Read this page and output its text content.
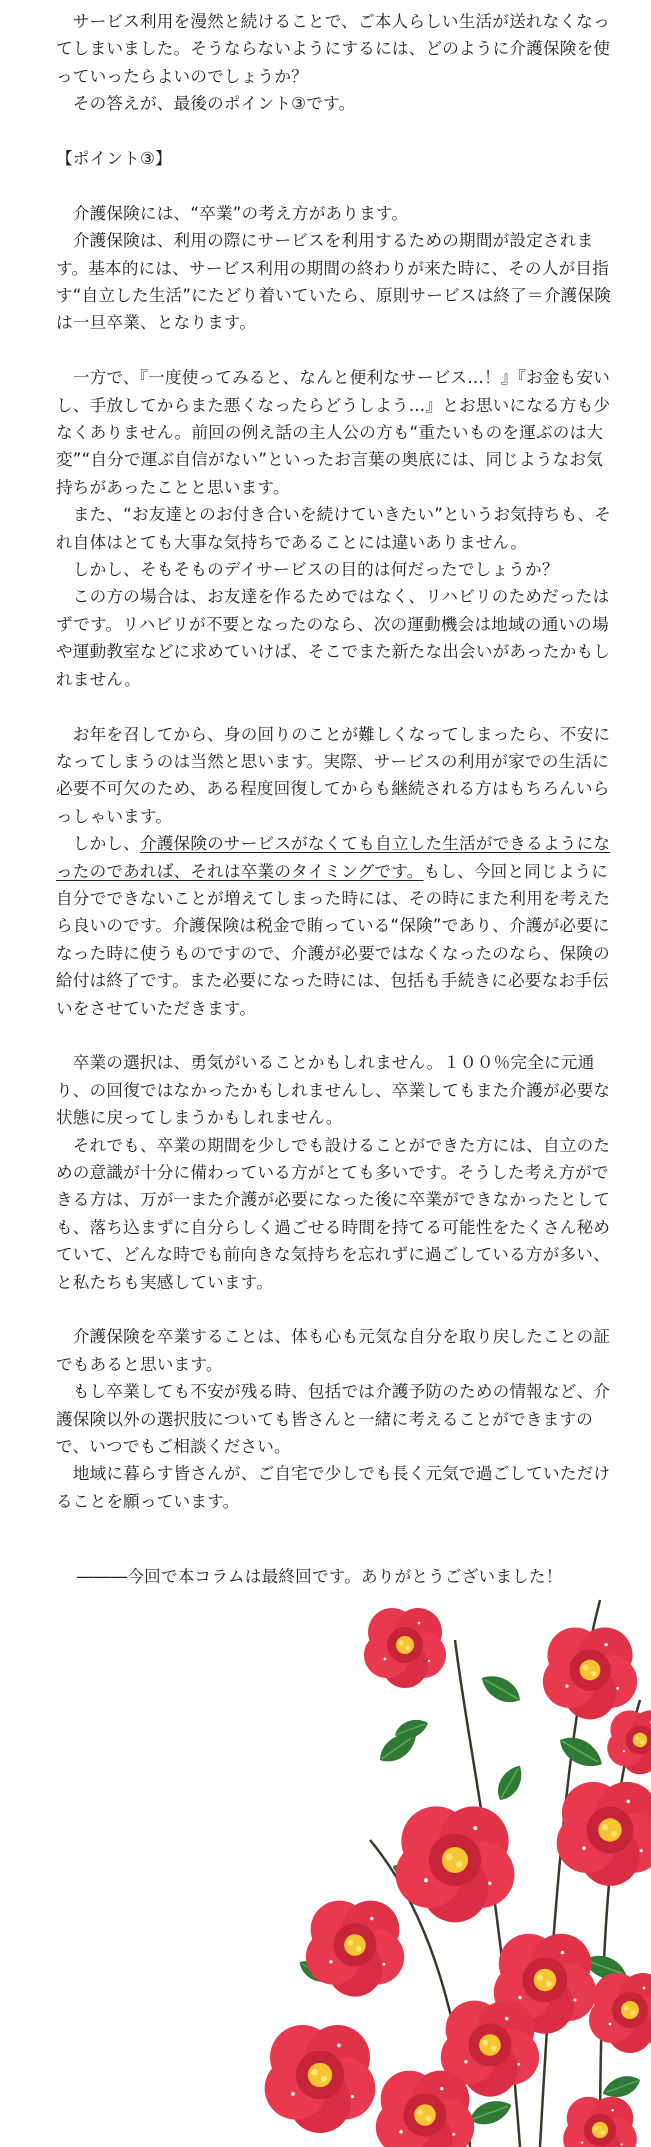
　サービス利用を漫然と続けることで、ご本人らしい生活が送れなくなってしまいました。そうならないようにするには、どのように介護保険を使っていったらよいのでしょうか？

　その答えが、最後のポイント③です。

【ポイント③】

　介護保険には、“卒業”の考え方があります。

　介護保険は、利用の際にサービスを利用するための期間が設定されます。基本的には、サービス利用の期間の終わりが来た時に、その人が目指す“自立した生活”にたどり着いていたら、原則サービスは終了＝介護保険は一旦卒業、となります。

　一方で、『一度使ってみると、なんと便利なサービス…！』『お金も安いし、手放してからまた悪くなったらどうしよう…』とお思いになる方も少なくありません。前回の例え話の主人公の方も“重たいものを運ぶのは大変”“自分で運ぶ自信がない”といったお言葉の奥底には、同じようなお気持ちがあったことと思います。

　また、“お友達とのお付き合いを続けていきたい”というお気持ちも、それ自体はとても大事な気持ちであることには違いありません。

　しかし、そもそものデイサービスの目的は何だったでしょうか？

　この方の場合は、お友達を作るためではなく、リハビリのためだったはずです。リハビリが不要となったのなら、次の運動機会は地域の通いの場や運動教室などに求めていけば、そこでまた新たな出会いがあったかもしれません。

　お年を召してから、身の回りのことが難しくなってしまったら、不安になってしまうのは当然と思います。実際、サービスの利用が家での生活に必要不可欠のため、ある程度回復してからも継続される方はもちろんいらっしゃいます。

　しかし、介護保険のサービスがなくても自立した生活ができるようになったのであれば、それは卒業のタイミングです。もし、今回と同じように自分でできないことが増えてしまった時には、その時にまた利用を考えたら良いのです。介護保険は税金で賄っている“保険”であり、介護が必要になった時に使うものですので、介護が必要ではなくなったのなら、保険の給付は終了です。また必要になった時には、包括も手続きに必要なお手伝いをさせていただきます。

　卒業の選択は、勇気がいることかもしれません。１００％完全に元通り、の回復ではなかったかもしれませんし、卒業してもまた介護が必要な状態に戻ってしまうかもしれません。

　それでも、卒業の期間を少しでも設けることができた方には、自立のための意識が十分に備わっている方がとても多いです。そうした考え方ができる方は、万が一また介護が必要になった後に卒業ができなかったとしても、落ち込まずに自分らしく過ごせる時間を持てる可能性をたくさん秘めていて、どんな時でも前向きな気持ちを忘れずに過ごしている方が多い、と私たちも実感しています。

　介護保険を卒業することは、体も心も元気な自分を取り戻したことの証でもあると思います。

　もし卒業しても不安が残る時、包括では介護予防のための情報など、介護保険以外の選択肢についても皆さんと一緒に考えることができますので、いつでもご相談ください。

　地域に暮らす皆さんが、ご自宅で少しでも長く元気で過ごしていただけることを願っています。

―――今回で本コラムは最終回です。ありがとうございました！
